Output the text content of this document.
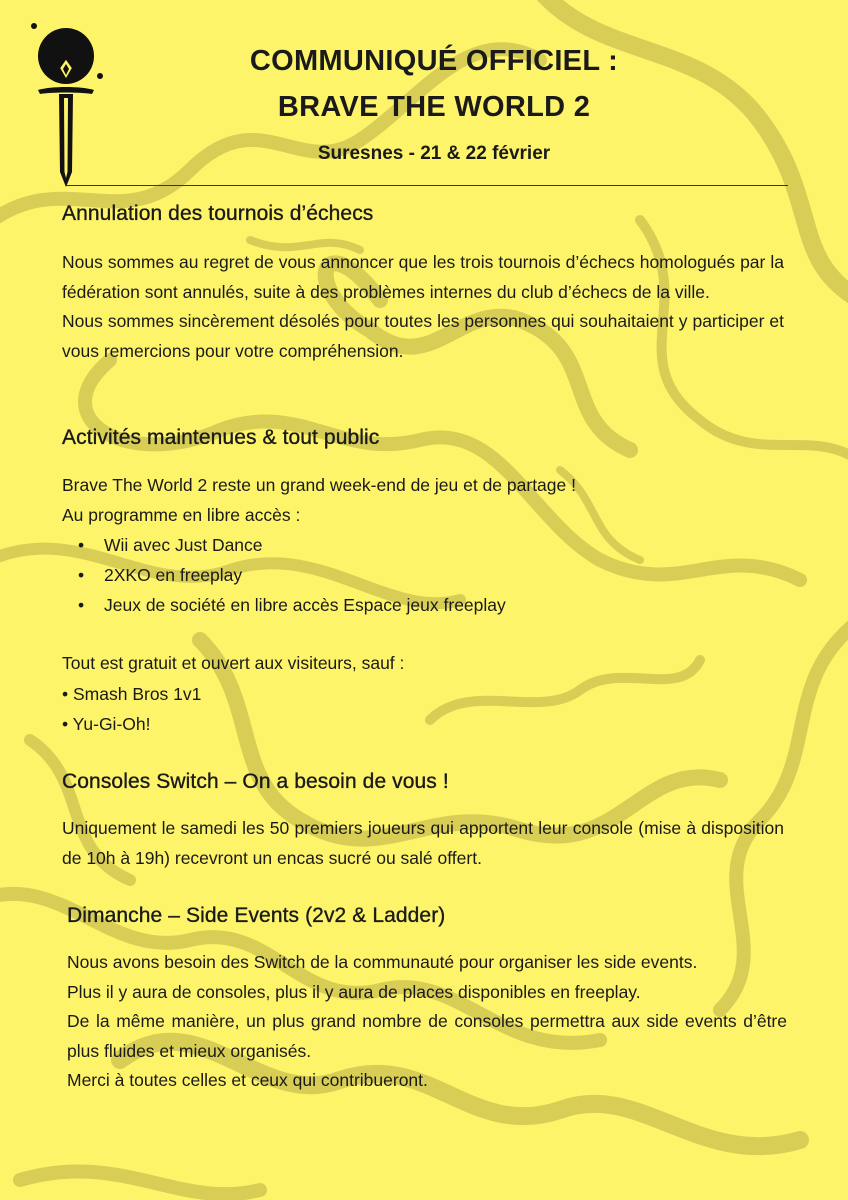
COMMUNIQUÉ OFFICIEL :
BRAVE THE WORLD 2

Suresnes - 21 & 22 février

Annulation des tournois d’échecs

Nous sommes au regret de vous annoncer que les trois tournois d’échecs homologués par la fédération sont annulés, suite à des problèmes internes du club d’échecs de la ville.

Nous sommes sincèrement désolés pour toutes les personnes qui souhaitaient y participer et vous remercions pour votre compréhension.

Activités maintenues & tout public

Brave The World 2 reste un grand week-end de jeu et de partage !

Au programme en libre accès :

• Wii avec Just Dance
• 2XKO en freeplay
• Jeux de société en libre accès Espace jeux freeplay

Tout est gratuit et ouvert aux visiteurs, sauf :

• Smash Bros 1v1
• Yu-Gi-Oh!
Consoles Switch – On a besoin de vous !

Uniquement le samedi les 50 premiers joueurs qui apportent leur console (mise à disposition de 10h à 19h) recevront un encas sucré ou salé offert.

Dimanche – Side Events (2v2 & Ladder)

Nous avons besoin des Switch de la communauté pour organiser les side events.

Plus il y aura de consoles, plus il y aura de places disponibles en freeplay.

De la même manière, un plus grand nombre de consoles permettra aux side events d’être plus fluides et mieux organisés.

Merci à toutes celles et ceux qui contribueront.
